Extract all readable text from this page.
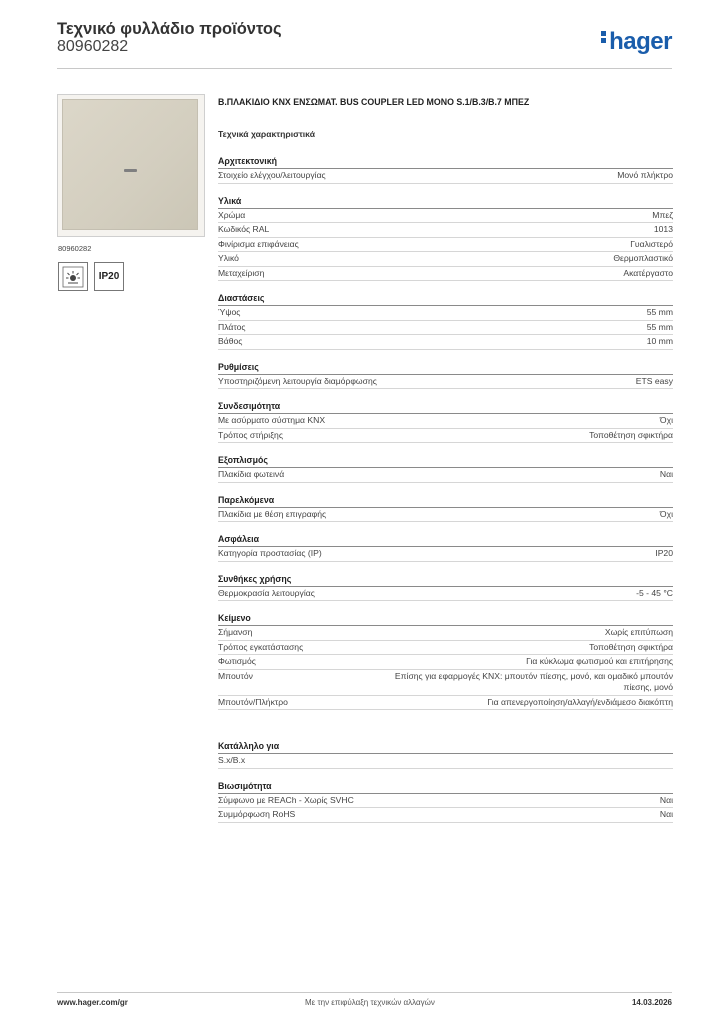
Τεχνικό φυλλάδιο προϊόντος
80960282	hager
80960282
IP20
Β.ΠΛΑΚΙΔΙΟ KNX ΕΝΣΩΜΑΤ. BUS COUPLER LED MONO S.1/B.3/B.7 ΜΠΕΖ
Τεχνικά χαρακτηριστικά
Αρχιτεκτονική
Στοιχείο ελέγχου/λειτουργίας	Μονό πλήκτρο
Υλικά
Χρώμα	Μπεζ
Κωδικός RAL	1013
Φινίρισμα επιφάνειας	Γυαλιστερό
Υλικό	Θερμοπλαστικό
Μεταχείριση	Ακατέργαστο
Διαστάσεις
Ύψος	55 mm
Πλάτος	55 mm
Βάθος	10 mm
Ρυθμίσεις
Υποστηριζόμενη λειτουργία διαμόρφωσης	ETS easy
Συνδεσιμότητα
Με ασύρματο σύστημα KNX	Όχι
Τρόπος στήριξης	Τοποθέτηση σφικτήρα
Εξοπλισμός
Πλακίδια φωτεινά	Ναι
Παρελκόμενα
Πλακίδια με θέση επιγραφής	Όχι
Ασφάλεια
Κατηγορία προστασίας (IP)	IP20
Συνθήκες χρήσης
Θερμοκρασία λειτουργίας	-5 - 45 °C
Κείμενο
Σήμανση	Χωρίς επιτύπωση
Τρόπος εγκατάστασης	Τοποθέτηση σφικτήρα
Φωτισμός	Για κύκλωμα φωτισμού και επιτήρησης
Μπουτόν	Επίσης για εφαρμογές KNX: μπουτόν πίεσης, μονό, και ομαδικό μπουτόν πίεσης, μονό
Μπουτόν/Πλήκτρο	Για απενεργοποίηση/αλλαγή/ενδιάμεσο διακόπτη
Κατάλληλο για
S.x/B.x
Βιωσιμότητα
Σύμφωνο με REACh - Χωρίς SVHC	Ναι
Συμμόρφωση RoHS	Ναι
www.hager.com/gr	Με την επιφύλαξη τεχνικών αλλαγών	14.03.2026
